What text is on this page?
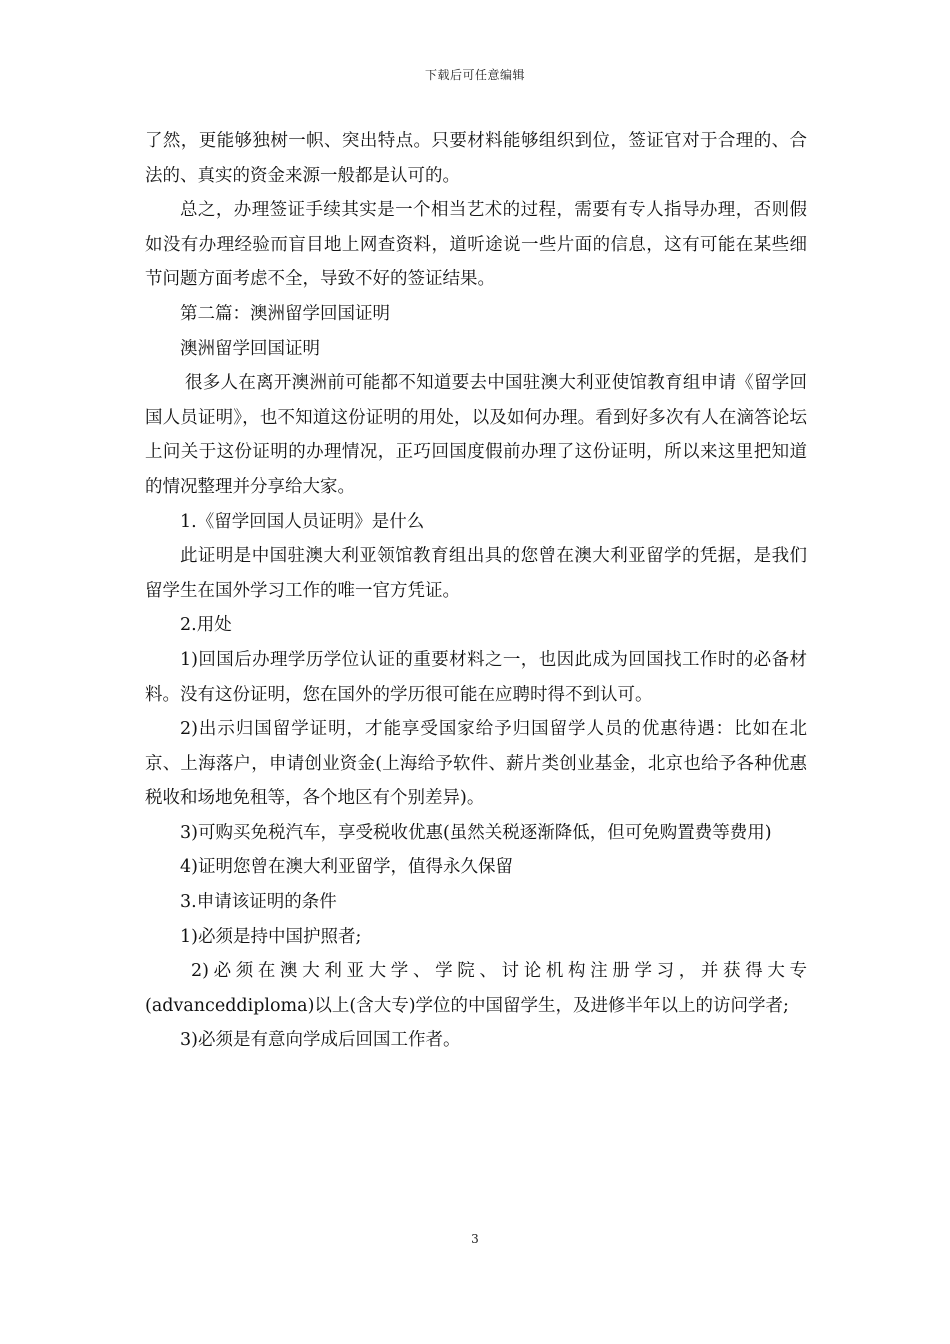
下载后可任意编辑

了然，更能够独树一帜、突出特点。只要材料能够组织到位，签证官对于合理的、合法的、真实的资金来源一般都是认可的。

总之，办理签证手续其实是一个相当艺术的过程，需要有专人指导办理，否则假如没有办理经验而盲目地上网查资料，道听途说一些片面的信息，这有可能在某些细节问题方面考虑不全，导致不好的签证结果。

第二篇：澳洲留学回国证明

澳洲留学回国证明

很多人在离开澳洲前可能都不知道要去中国驻澳大利亚使馆教育组申请《留学回国人员证明》，也不知道这份证明的用处，以及如何办理。看到好多次有人在滴答论坛上问关于这份证明的办理情况，正巧回国度假前办理了这份证明，所以来这里把知道的情况整理并分享给大家。

1.《留学回国人员证明》是什么

此证明是中国驻澳大利亚领馆教育组出具的您曾在澳大利亚留学的凭据，是我们留学生在国外学习工作的唯一官方凭证。

2.用处

1)回国后办理学历学位认证的重要材料之一，也因此成为回国找工作时的必备材料。没有这份证明，您在国外的学历很可能在应聘时得不到认可。

2)出示归国留学证明，才能享受国家给予归国留学人员的优惠待遇：比如在北京、上海落户，申请创业资金(上海给予软件、薪片类创业基金，北京也给予各种优惠税收和场地免租等，各个地区有个别差异)。

3)可购买免税汽车，享受税收优惠(虽然关税逐渐降低，但可免购置费等费用)

4)证明您曾在澳大利亚留学，值得永久保留

3.申请该证明的条件

1)必须是持中国护照者;

2)必须在澳大利亚大学、学院、讨论机构注册学习，并获得大专(advanceddiploma)以上(含大专)学位的中国留学生，及进修半年以上的访问学者;

3)必须是有意向学成后回国工作者。

3
